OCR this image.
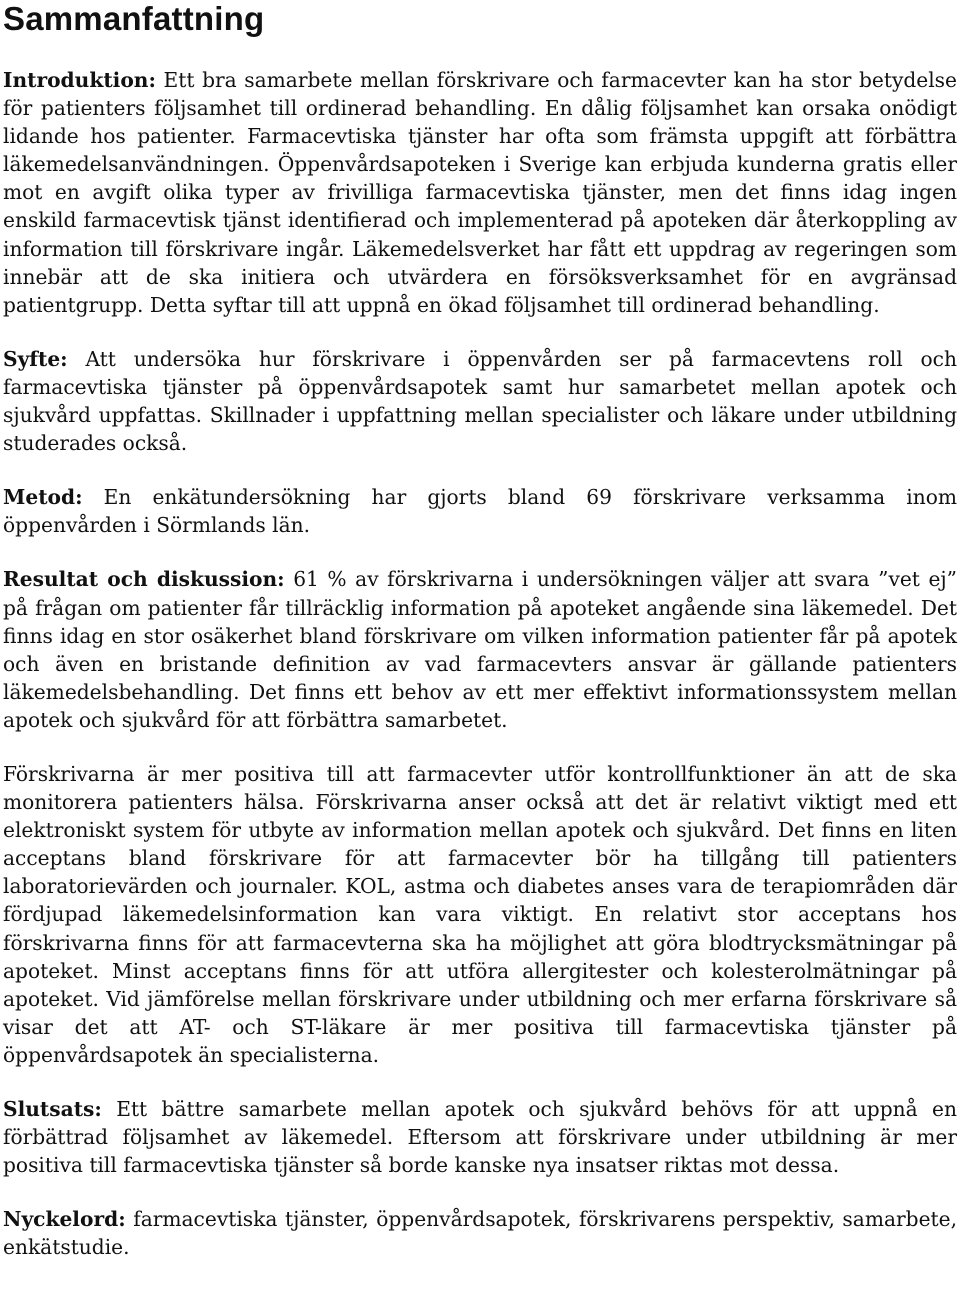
Sammanfattning

Introduktion: Ett bra samarbete mellan förskrivare och farmacevter kan ha stor betydelse för patienters följsamhet till ordinerad behandling. En dålig följsamhet kan orsaka onödigt lidande hos patienter. Farmacevtiska tjänster har ofta som främsta uppgift att förbättra läkemedelsanvändningen. Öppenvårdsapoteken i Sverige kan erbjuda kunderna gratis eller mot en avgift olika typer av frivilliga farmacevtiska tjänster, men det finns idag ingen enskild farmacevtisk tjänst identifierad och implementerad på apoteken där återkoppling av information till förskrivare ingår. Läkemedelsverket har fått ett uppdrag av regeringen som innebär att de ska initiera och utvärdera en försöksverksamhet för en avgränsad patientgrupp. Detta syftar till att uppnå en ökad följsamhet till ordinerad behandling.

Syfte: Att undersöka hur förskrivare i öppenvården ser på farmacevtens roll och farmacevtiska tjänster på öppenvårdsapotek samt hur samarbetet mellan apotek och sjukvård uppfattas. Skillnader i uppfattning mellan specialister och läkare under utbildning studerades också.

Metod: En enkätundersökning har gjorts bland 69 förskrivare verksamma inom öppenvården i Sörmlands län.

Resultat och diskussion: 61 % av förskrivarna i undersökningen väljer att svara ”vet ej” på frågan om patienter får tillräcklig information på apoteket angående sina läkemedel. Det finns idag en stor osäkerhet bland förskrivare om vilken information patienter får på apotek och även en bristande definition av vad farmacevters ansvar är gällande patienters läkemedelsbehandling. Det finns ett behov av ett mer effektivt informationssystem mellan apotek och sjukvård för att förbättra samarbetet.

Förskrivarna är mer positiva till att farmacevter utför kontrollfunktioner än att de ska monitorera patienters hälsa. Förskrivarna anser också att det är relativt viktigt med ett elektroniskt system för utbyte av information mellan apotek och sjukvård. Det finns en liten acceptans bland förskrivare för att farmacevter bör ha tillgång till patienters laboratorievärden och journaler. KOL, astma och diabetes anses vara de terapiområden där fördjupad läkemedelsinformation kan vara viktigt. En relativt stor acceptans hos förskrivarna finns för att farmacevterna ska ha möjlighet att göra blodtrycksmätningar på apoteket. Minst acceptans finns för att utföra allergitester och kolesterolmätningar på apoteket. Vid jämförelse mellan förskrivare under utbildning och mer erfarna förskrivare så visar det att AT- och ST-läkare är mer positiva till farmacevtiska tjänster på öppenvårdsapotek än specialisterna.

Slutsats: Ett bättre samarbete mellan apotek och sjukvård behövs för att uppnå en förbättrad följsamhet av läkemedel. Eftersom att förskrivare under utbildning är mer positiva till farmacevtiska tjänster så borde kanske nya insatser riktas mot dessa.

Nyckelord: farmacevtiska tjänster, öppenvårdsapotek, förskrivarens perspektiv, samarbete, enkätstudie.
